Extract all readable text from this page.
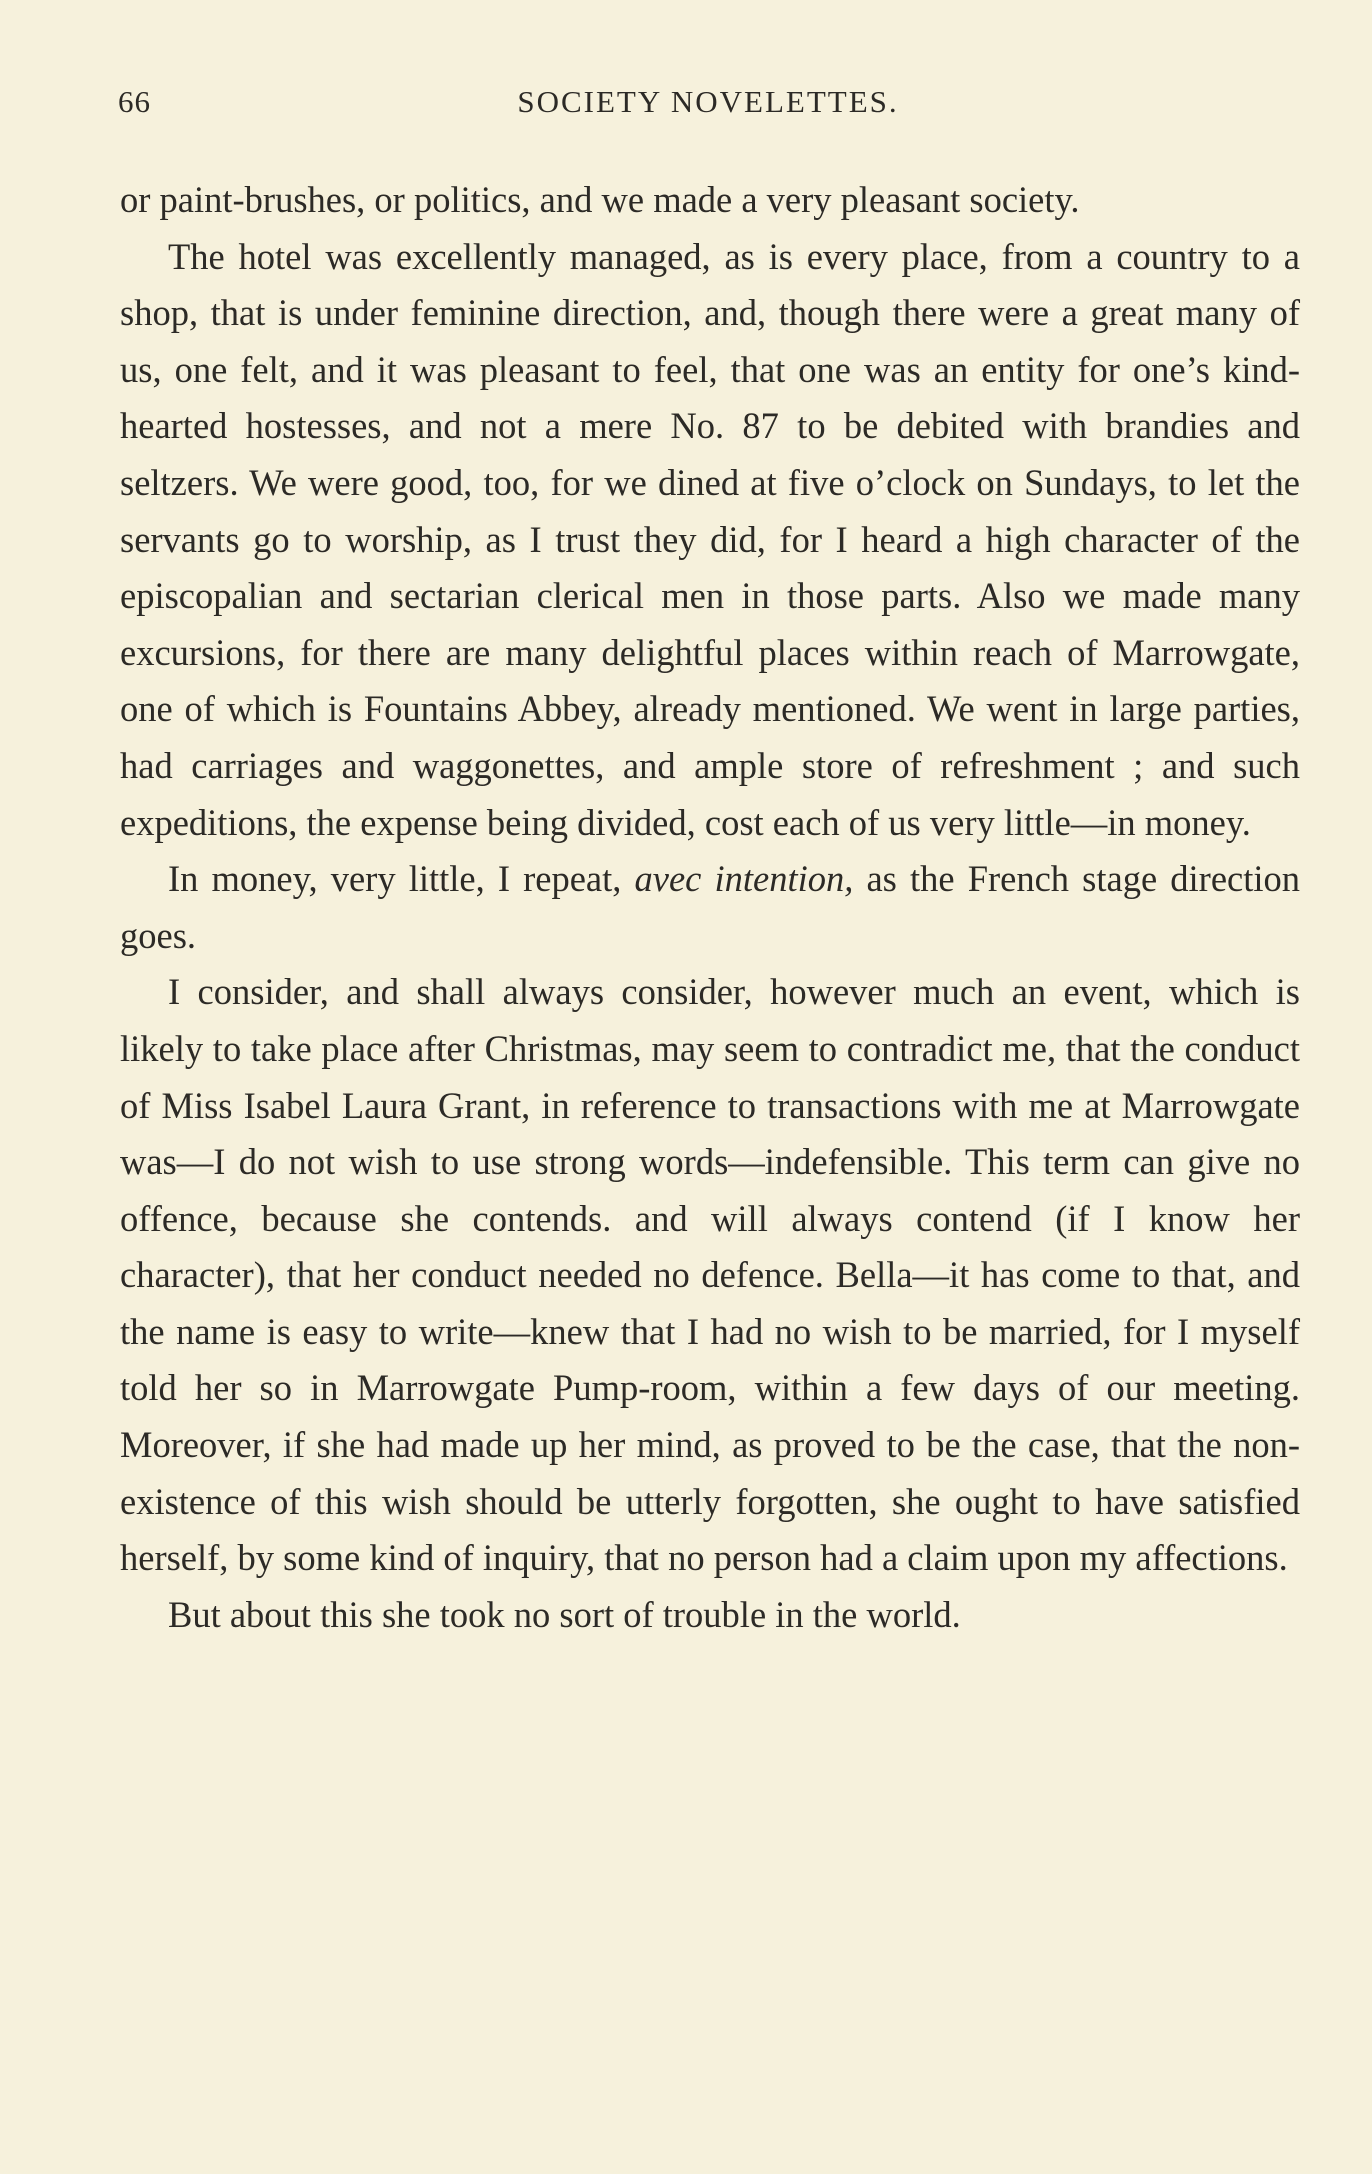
66	SOCIETY NOVELETTES.

or paint-brushes, or politics, and we made a very pleasant society.

The hotel was excellently managed, as is every place, from a country to a shop, that is under feminine direction, and, though there were a great many of us, one felt, and it was pleasant to feel, that one was an entity for one’s kind-hearted hostesses, and not a mere No. 87 to be debited with brandies and seltzers. We were good, too, for we dined at five o’clock on Sundays, to let the servants go to worship, as I trust they did, for I heard a high character of the episcopalian and sectarian clerical men in those parts. Also we made many excursions, for there are many delightful places within reach of Marrowgate, one of which is Fountains Abbey, already mentioned. We went in large parties, had carriages and waggonettes, and ample store of refreshment ; and such expeditions, the expense being divided, cost each of us very little—in money.

In money, very little, I repeat, avec intention, as the French stage direction goes.

I consider, and shall always consider, however much an event, which is likely to take place after Christmas, may seem to contradict me, that the conduct of Miss Isabel Laura Grant, in reference to transactions with me at Marrowgate was—I do not wish to use strong words—indefensible. This term can give no offence, because she contends. and will always contend (if I know her character), that her conduct needed no defence. Bella—it has come to that, and the name is easy to write—knew that I had no wish to be married, for I myself told her so in Marrowgate Pump-room, within a few days of our meeting. Moreover, if she had made up her mind, as proved to be the case, that the non-existence of this wish should be utterly forgotten, she ought to have satisfied herself, by some kind of inquiry, that no person had a claim upon my affections.

But about this she took no sort of trouble in the world.
